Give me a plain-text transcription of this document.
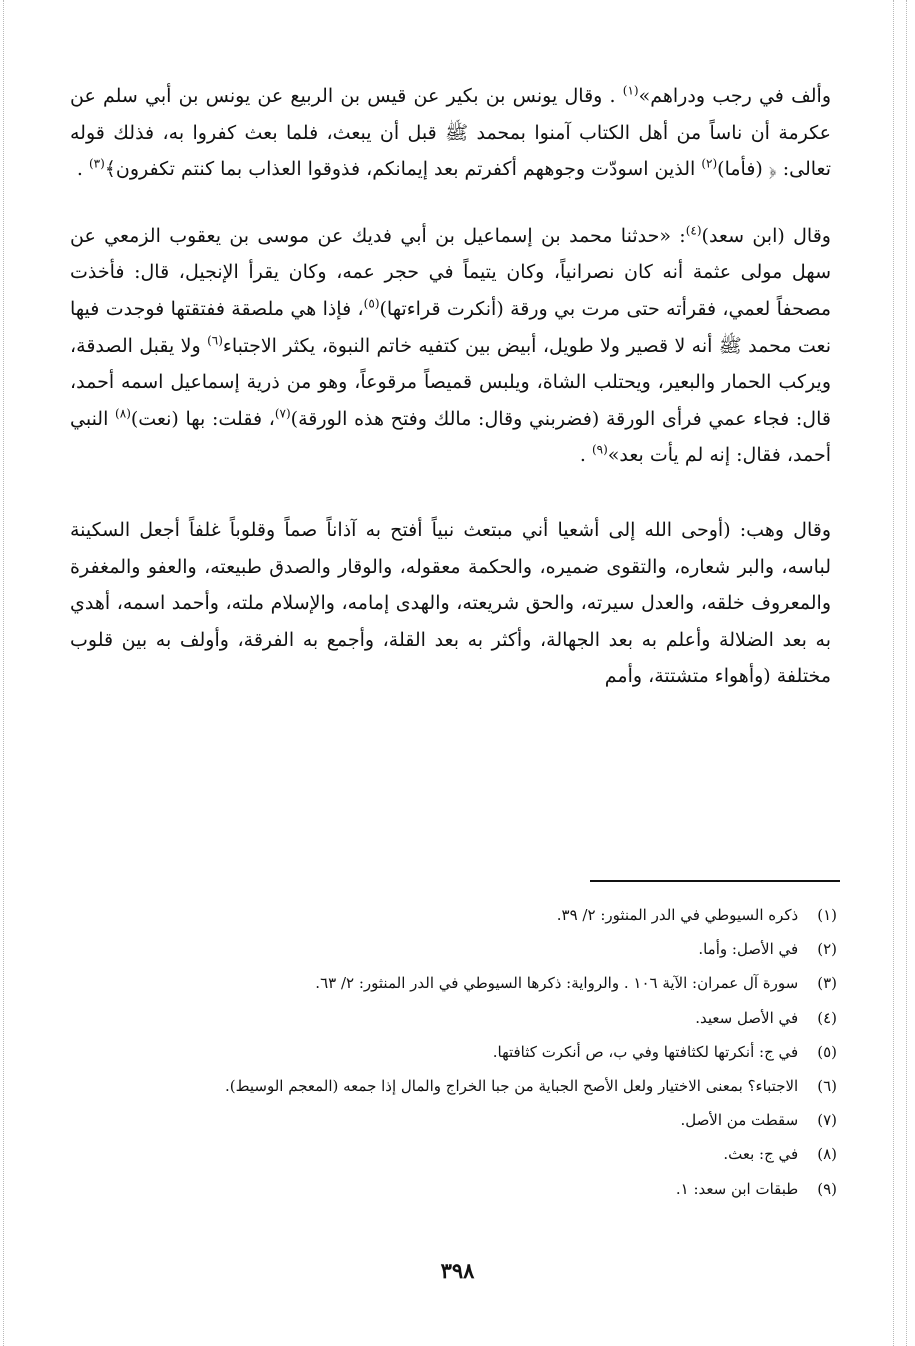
وألف في رجب ودراهم»$^{(١)}$ . وقال يونس بن بكير عن قيس بن الربيع عن يونس بن أبي سلم عن عكرمة أن ناساً من أهل الكتاب آمنوا بمحمد ﷺ قبل أن يبعث، فلما بعث كفروا به، فذلك قوله تعالى: ﴿ (فأما)$^{(٢)}$ الذين اسودّت وجوههم أكفرتم بعد إيمانكم، فذوقوا العذاب بما كنتم تكفرون﴾$^{(٣)}$ .

وقال (ابن سعد)$^{(٤)}$: «حدثنا محمد بن إسماعيل بن أبي فديك عن موسى بن يعقوب الزمعي عن سهل مولى عثمة أنه كان نصرانياً، وكان يتيماً في حجر عمه، وكان يقرأ الإنجيل، قال: فأخذت مصحفاً لعمي، فقرأته حتى مرت بي ورقة (أنكرت قراءتها)$^{(٥)}$، فإذا هي ملصقة ففتقتها فوجدت فيها نعت محمد ﷺ أنه لا قصير ولا طويل، أبيض بين كتفيه خاتم النبوة، يكثر الاجتباء$^{(٦)}$ ولا يقبل الصدقة، ويركب الحمار والبعير، ويحتلب الشاة، ويلبس قميصاً مرقوعاً، وهو من ذرية إسماعيل اسمه أحمد، قال: فجاء عمي فرأى الورقة (فضربني وقال: مالك وفتح هذه الورقة)$^{(٧)}$، فقلت: بها (نعت)$^{(٨)}$ النبي أحمد، فقال: إنه لم يأت بعد»$^{(٩)}$ .

وقال وهب: (أوحى الله إلى أشعيا أني مبتعث نبياً أفتح به آذاناً صماً وقلوباً غلفاً أجعل السكينة لباسه، والبر شعاره، والتقوى ضميره، والحكمة معقوله، والوقار والصدق طبيعته، والعفو والمغفرة والمعروف خلقه، والعدل سيرته، والحق شريعته، والهدى إمامه، والإسلام ملته، وأحمد اسمه، أهدي به بعد الضلالة وأعلم به بعد الجهالة، وأكثر به بعد القلة، وأجمع به الفرقة، وأولف به بين قلوب مختلفة (وأهواء متشتتة، وأمم

(١) ذكره السيوطي في الدر المنثور: ٢/ ٣٩.
(٢) في الأصل: وأما.
(٣) سورة آل عمران: الآية ١٠٦ . والرواية: ذكرها السيوطي في الدر المنثور: ٢/ ٦٣.
(٤) في الأصل سعيد.
(٥) في ج: أنكرتها لكثافتها وفي ب، ص أنكرت كثافتها.
(٦) الاجتباء؟ بمعنى الاختيار ولعل الأصح الجباية من جبا الخراج والمال إذا جمعه (المعجم الوسيط).
(٧) سقطت من الأصل.
(٨) في ج: بعث.
(٩) طبقات ابن سعد: ١.
٣٩٨
